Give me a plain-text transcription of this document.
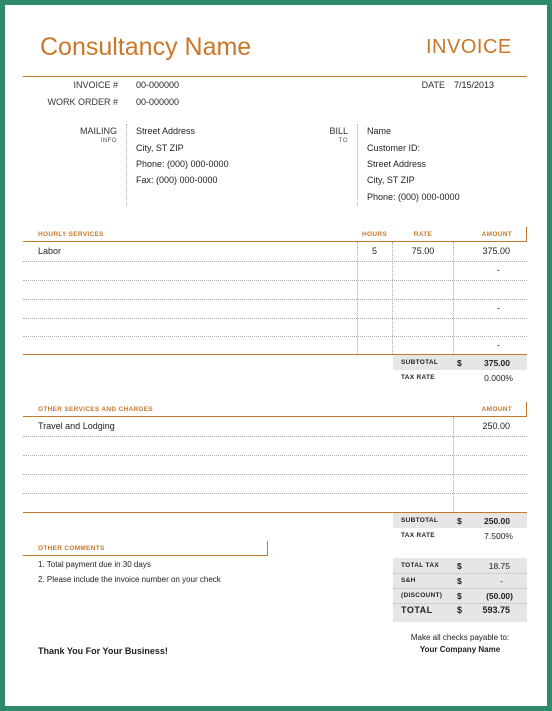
Consultancy Name	INVOICE
INVOICE # 00-000000
WORK ORDER # 00-000000
DATE 7/15/2013
MAILING
INFO
Street Address
City, ST ZIP
Phone: (000) 000-0000
Fax: (000) 000-0000
BILL
TO
Name
Customer ID:
Street Address
City, ST ZIP
Phone: (000) 000-0000
HOURLY SERVICES	HOURS	RATE	AMOUNT
Labor	5	75.00	375.00
-
-
-
SUBTOTAL $	375.00
TAX RATE	0.000%
OTHER SERVICES AND CHARGES	AMOUNT
Travel and Lodging	250.00
SUBTOTAL $	250.00
TAX RATE	7.500%
OTHER COMMENTS
1. Total payment due in 30 days
2. Please include the invoice number on your check
TOTAL TAX $	18.75
S&H	$	-
(DISCOUNT) $	(50.00)
TOTAL	$	593.75
Thank You For Your Business!
Make all checks payable to:
Your Company Name
